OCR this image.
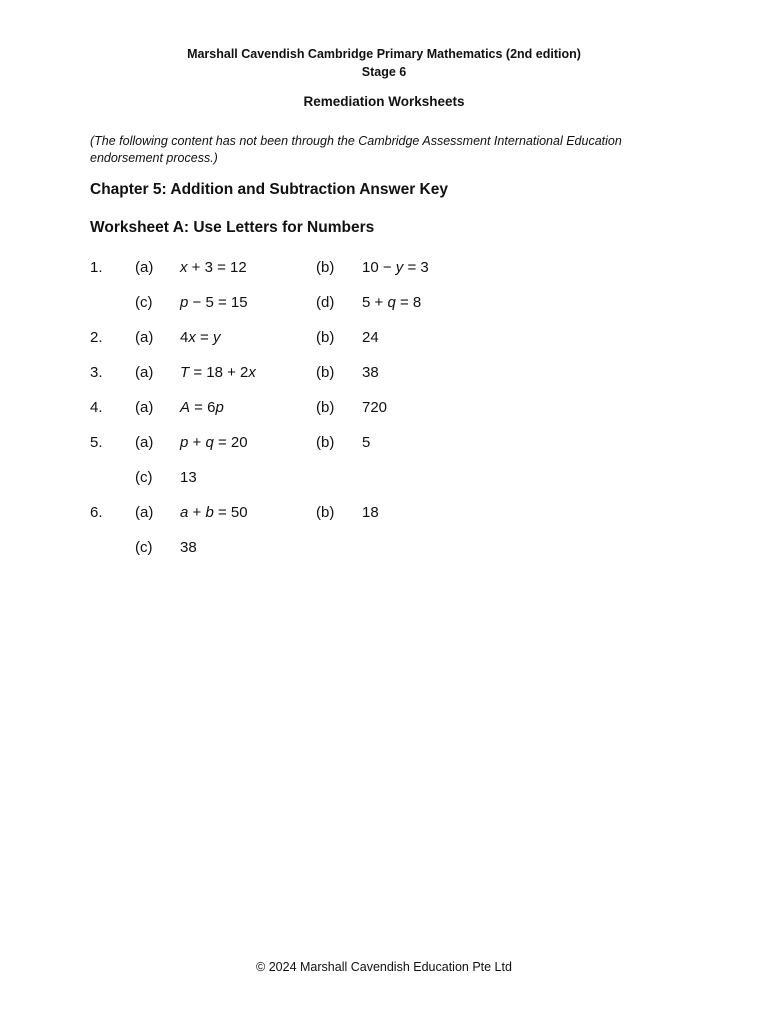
Marshall Cavendish Cambridge Primary Mathematics (2nd edition)
Stage 6
Remediation Worksheets
(The following content has not been through the Cambridge Assessment International Education endorsement process.)
Chapter 5: Addition and Subtraction Answer Key
Worksheet A: Use Letters for Numbers
1. (a) x + 3 = 12	(b) 10 − y = 3
(c) p − 5 = 15	(d) 5 + q = 8
2. (a) 4x = y	(b) 24
3. (a) T = 18 + 2x	(b) 38
4. (a) A = 6p	(b) 720
5. (a) p + q = 20	(b) 5
(c) 13
6. (a) a + b = 50	(b) 18
(c) 38
© 2024 Marshall Cavendish Education Pte Ltd
